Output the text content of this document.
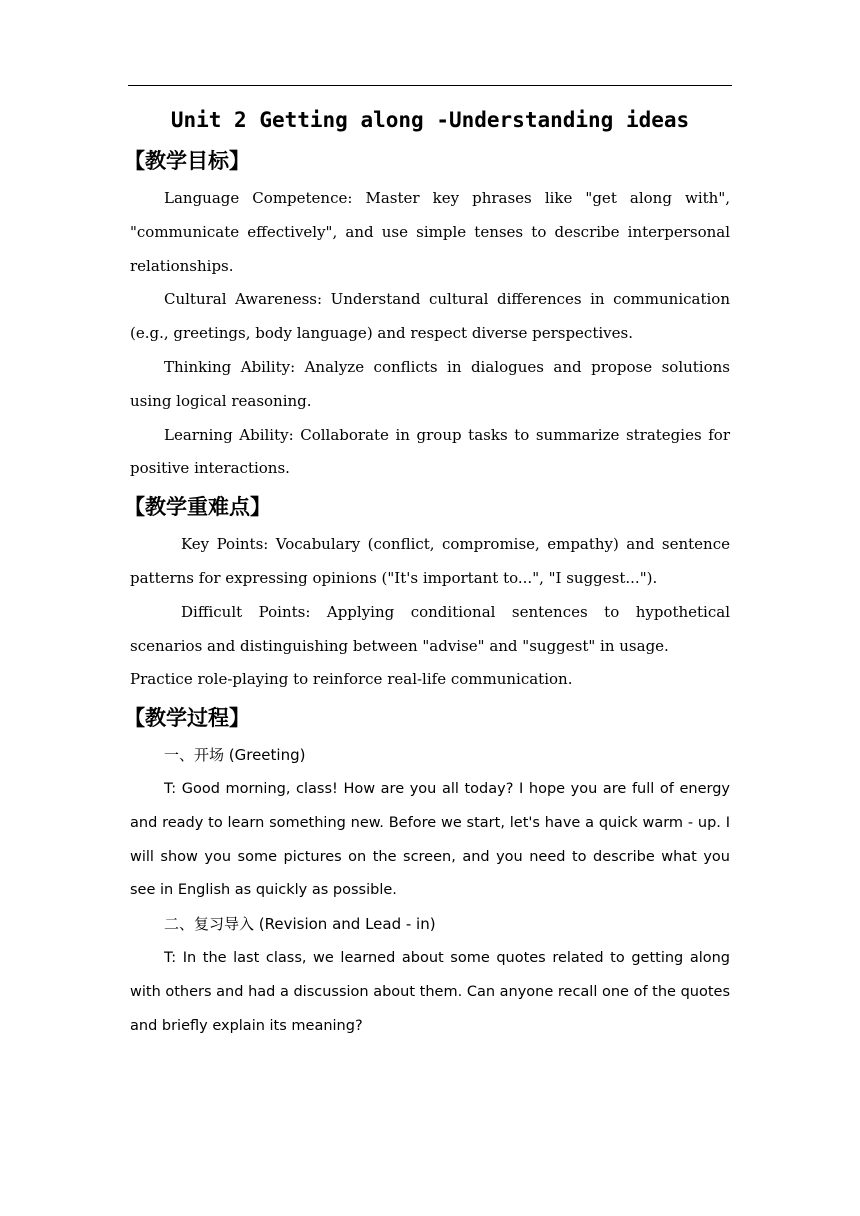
Unit 2 Getting along -Understanding ideas
【教学目标】

Language Competence: Master key phrases like "get along with", "communicate effectively", and use simple tenses to describe interpersonal relationships.

Cultural Awareness: Understand cultural differences in communication (e.g., greetings, body language) and respect diverse perspectives.

Thinking Ability: Analyze conflicts in dialogues and propose solutions using logical reasoning.

Learning Ability: Collaborate in group tasks to summarize strategies for positive interactions.

【教学重难点】

Key Points: Vocabulary (conflict, compromise, empathy) and sentence patterns for expressing opinions ("It's important to...", "I suggest...").

Difficult Points: Applying conditional sentences to hypothetical scenarios and distinguishing between "advise" and "suggest" in usage.

Practice role-playing to reinforce real-life communication.

【教学过程】

一、开场 (Greeting)

T: Good morning, class! How are you all today? I hope you are full of energy and ready to learn something new. Before we start, let's have a quick warm - up. I will show you some pictures on the screen, and you need to describe what you see in English as quickly as possible.

二、复习导入 (Revision and Lead - in)

T: In the last class, we learned about some quotes related to getting along with others and had a discussion about them. Can anyone recall one of the quotes and briefly explain its meaning?
